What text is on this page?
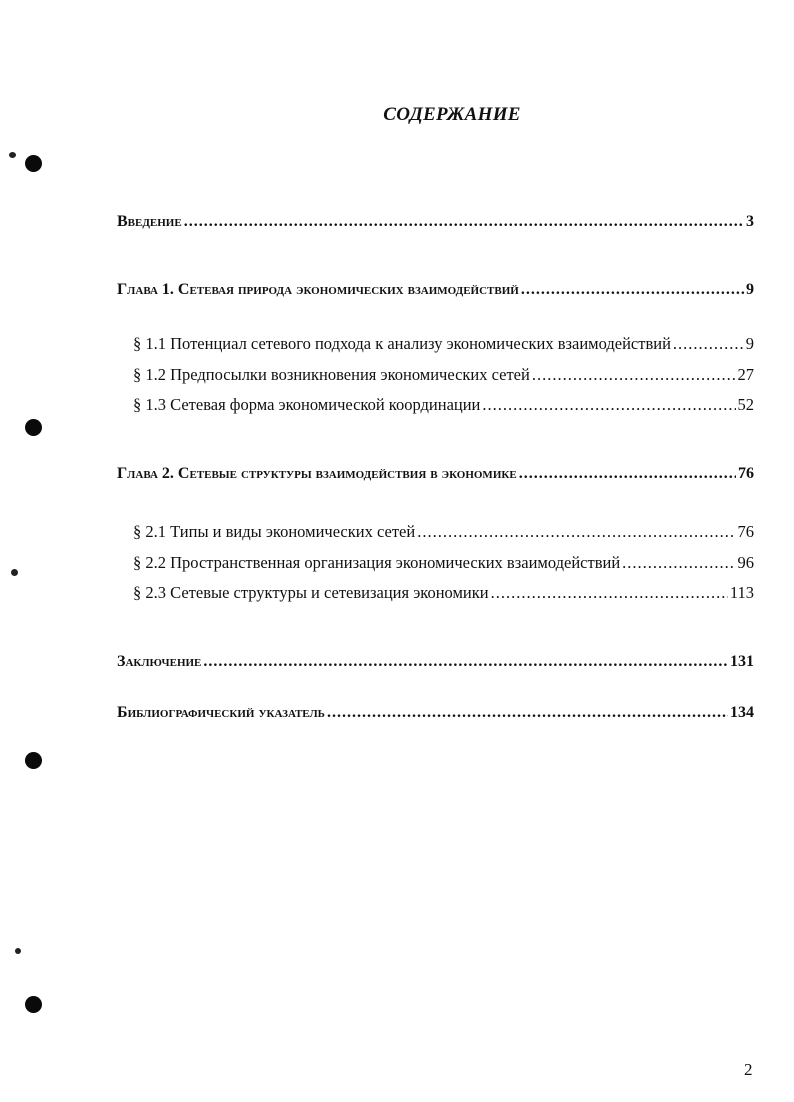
СОДЕРЖАНИЕ
Введение .....	3
Глава 1. Сетевая природа экономических взаимодействий .....	9
§ 1.1 Потенциал сетевого подхода к анализу экономических взаимодействий .....	9
§ 1.2 Предпосылки возникновения экономических сетей .....	27
§ 1.3 Сетевая форма экономической координации .....	52
Глава 2. Сетевые структуры взаимодействия в экономике .....	76
§ 2.1 Типы и виды экономических сетей .....	76
§ 2.2 Пространственная организация экономических взаимодействий .....	96
§ 2.3 Сетевые структуры и сетевизация экономики .....	113
Заключение .....	131
Библиографический указатель .....	134
2
